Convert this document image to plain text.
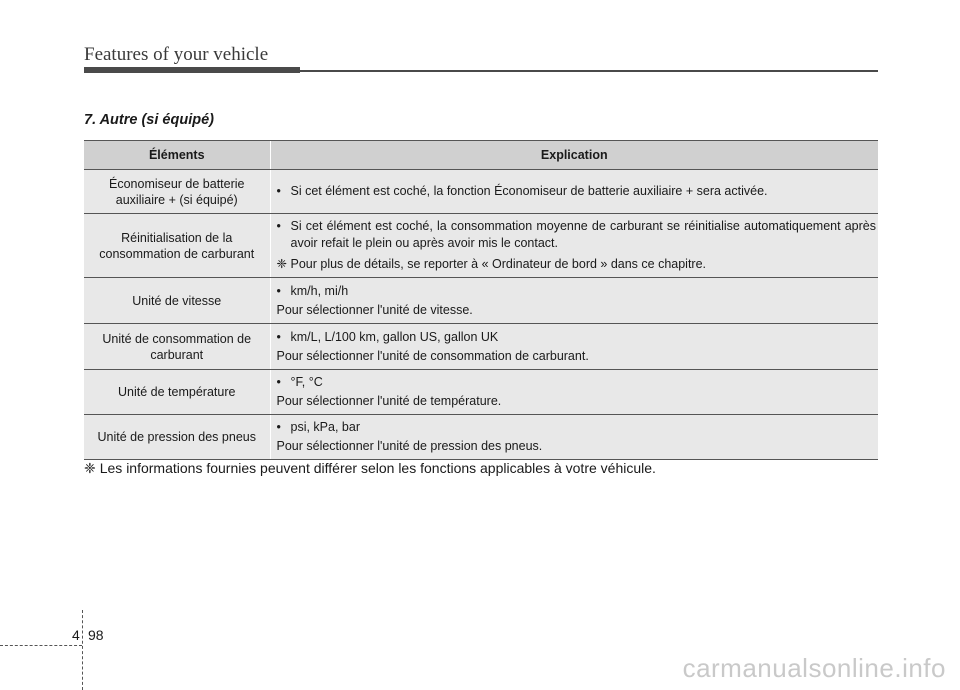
Features of your vehicle
7. Autre (si équipé)
Éléments	Explication
Économiseur de batterie auxiliaire + (si équipé)	• Si cet élément est coché, la fonction Économiseur de batterie auxiliaire + sera activée.

Réinitialisation de la consommation de carburant	• Si cet élément est coché, la consommation moyenne de carburant se réinitialise automatiquement après avoir refait le plein ou après avoir mis le contact.
❈ Pour plus de détails, se reporter à « Ordinateur de bord » dans ce chapitre.

Unité de vitesse	• km/h, mi/h
Pour sélectionner l'unité de vitesse.

Unité de consommation de carburant	• km/L, L/100 km, gallon US, gallon UK
Pour sélectionner l'unité de consommation de carburant.

Unité de température	• °F, °C
Pour sélectionner l'unité de température.

Unité de pression des pneus	• psi, kPa, bar
Pour sélectionner l'unité de pression des pneus.
❈ Les informations fournies peuvent différer selon les fonctions applicables à votre véhicule.
4 98
carmanualsonline.info
